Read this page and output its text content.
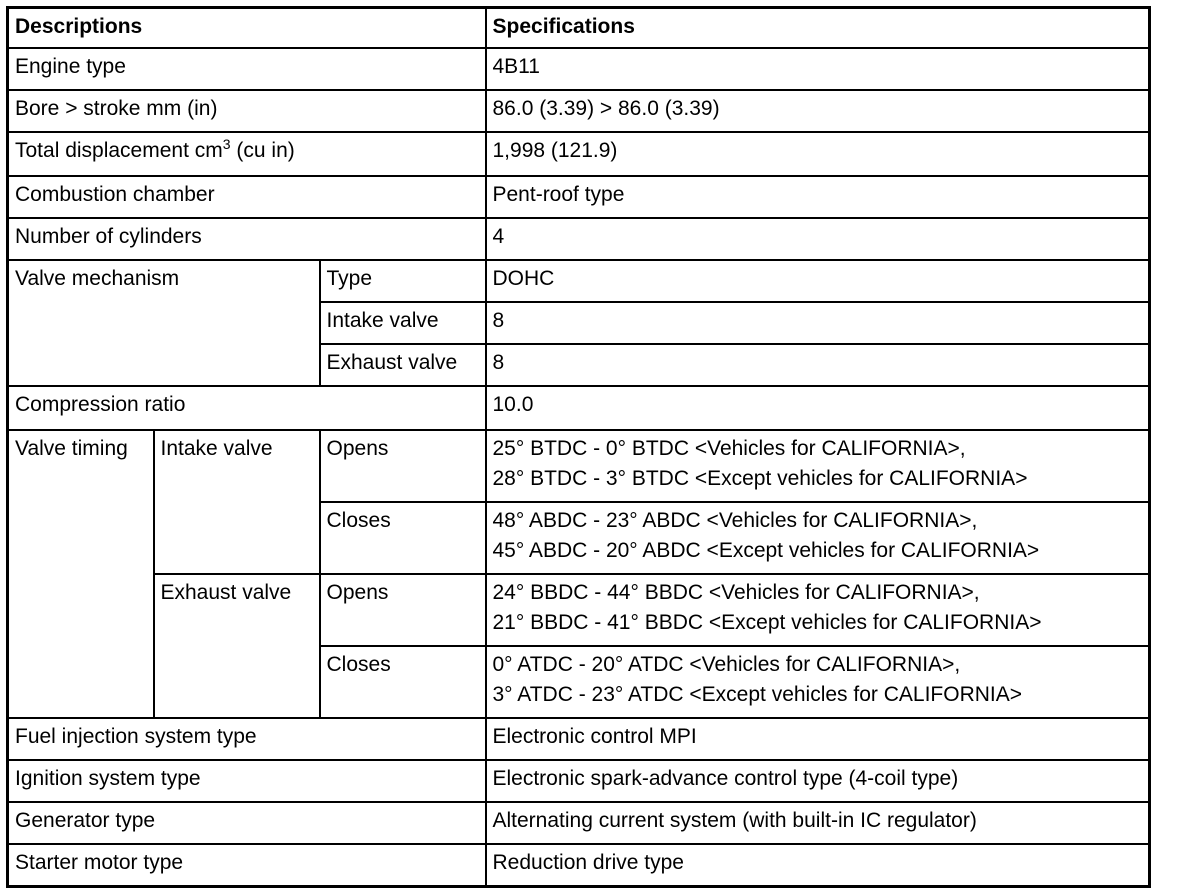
Descriptions			Specifications
Engine type			4B11
Bore > stroke mm (in)			86.0 (3.39) > 86.0 (3.39)
Total displacement $cm^3$ (cu in)			1,998 (121.9)
Combustion chamber			Pent-roof type
Number of cylinders			4
Valve mechanism		Type	DOHC
		Intake valve	8
		Exhaust valve	8
Compression ratio			10.0
Valve timing	Intake valve	Opens	25° BTDC - 0° BTDC <Vehicles for CALIFORNIA>,
28° BTDC - 3° BTDC <Except vehicles for CALIFORNIA>

		Closes	48° ABDC - 23° ABDC <Vehicles for CALIFORNIA>,
45° ABDC - 20° ABDC <Except vehicles for CALIFORNIA>

	Exhaust valve	Opens	24° BBDC - 44° BBDC <Vehicles for CALIFORNIA>,
21° BBDC - 41° BBDC <Except vehicles for CALIFORNIA>

		Closes	0° ATDC - 20° ATDC <Vehicles for CALIFORNIA>,
3° ATDC - 23° ATDC <Except vehicles for CALIFORNIA>

Fuel injection system type			Electronic control MPI
Ignition system type			Electronic spark-advance control type (4-coil type)
Generator type			Alternating current system (with built-in IC regulator)
Starter motor type			Reduction drive type
